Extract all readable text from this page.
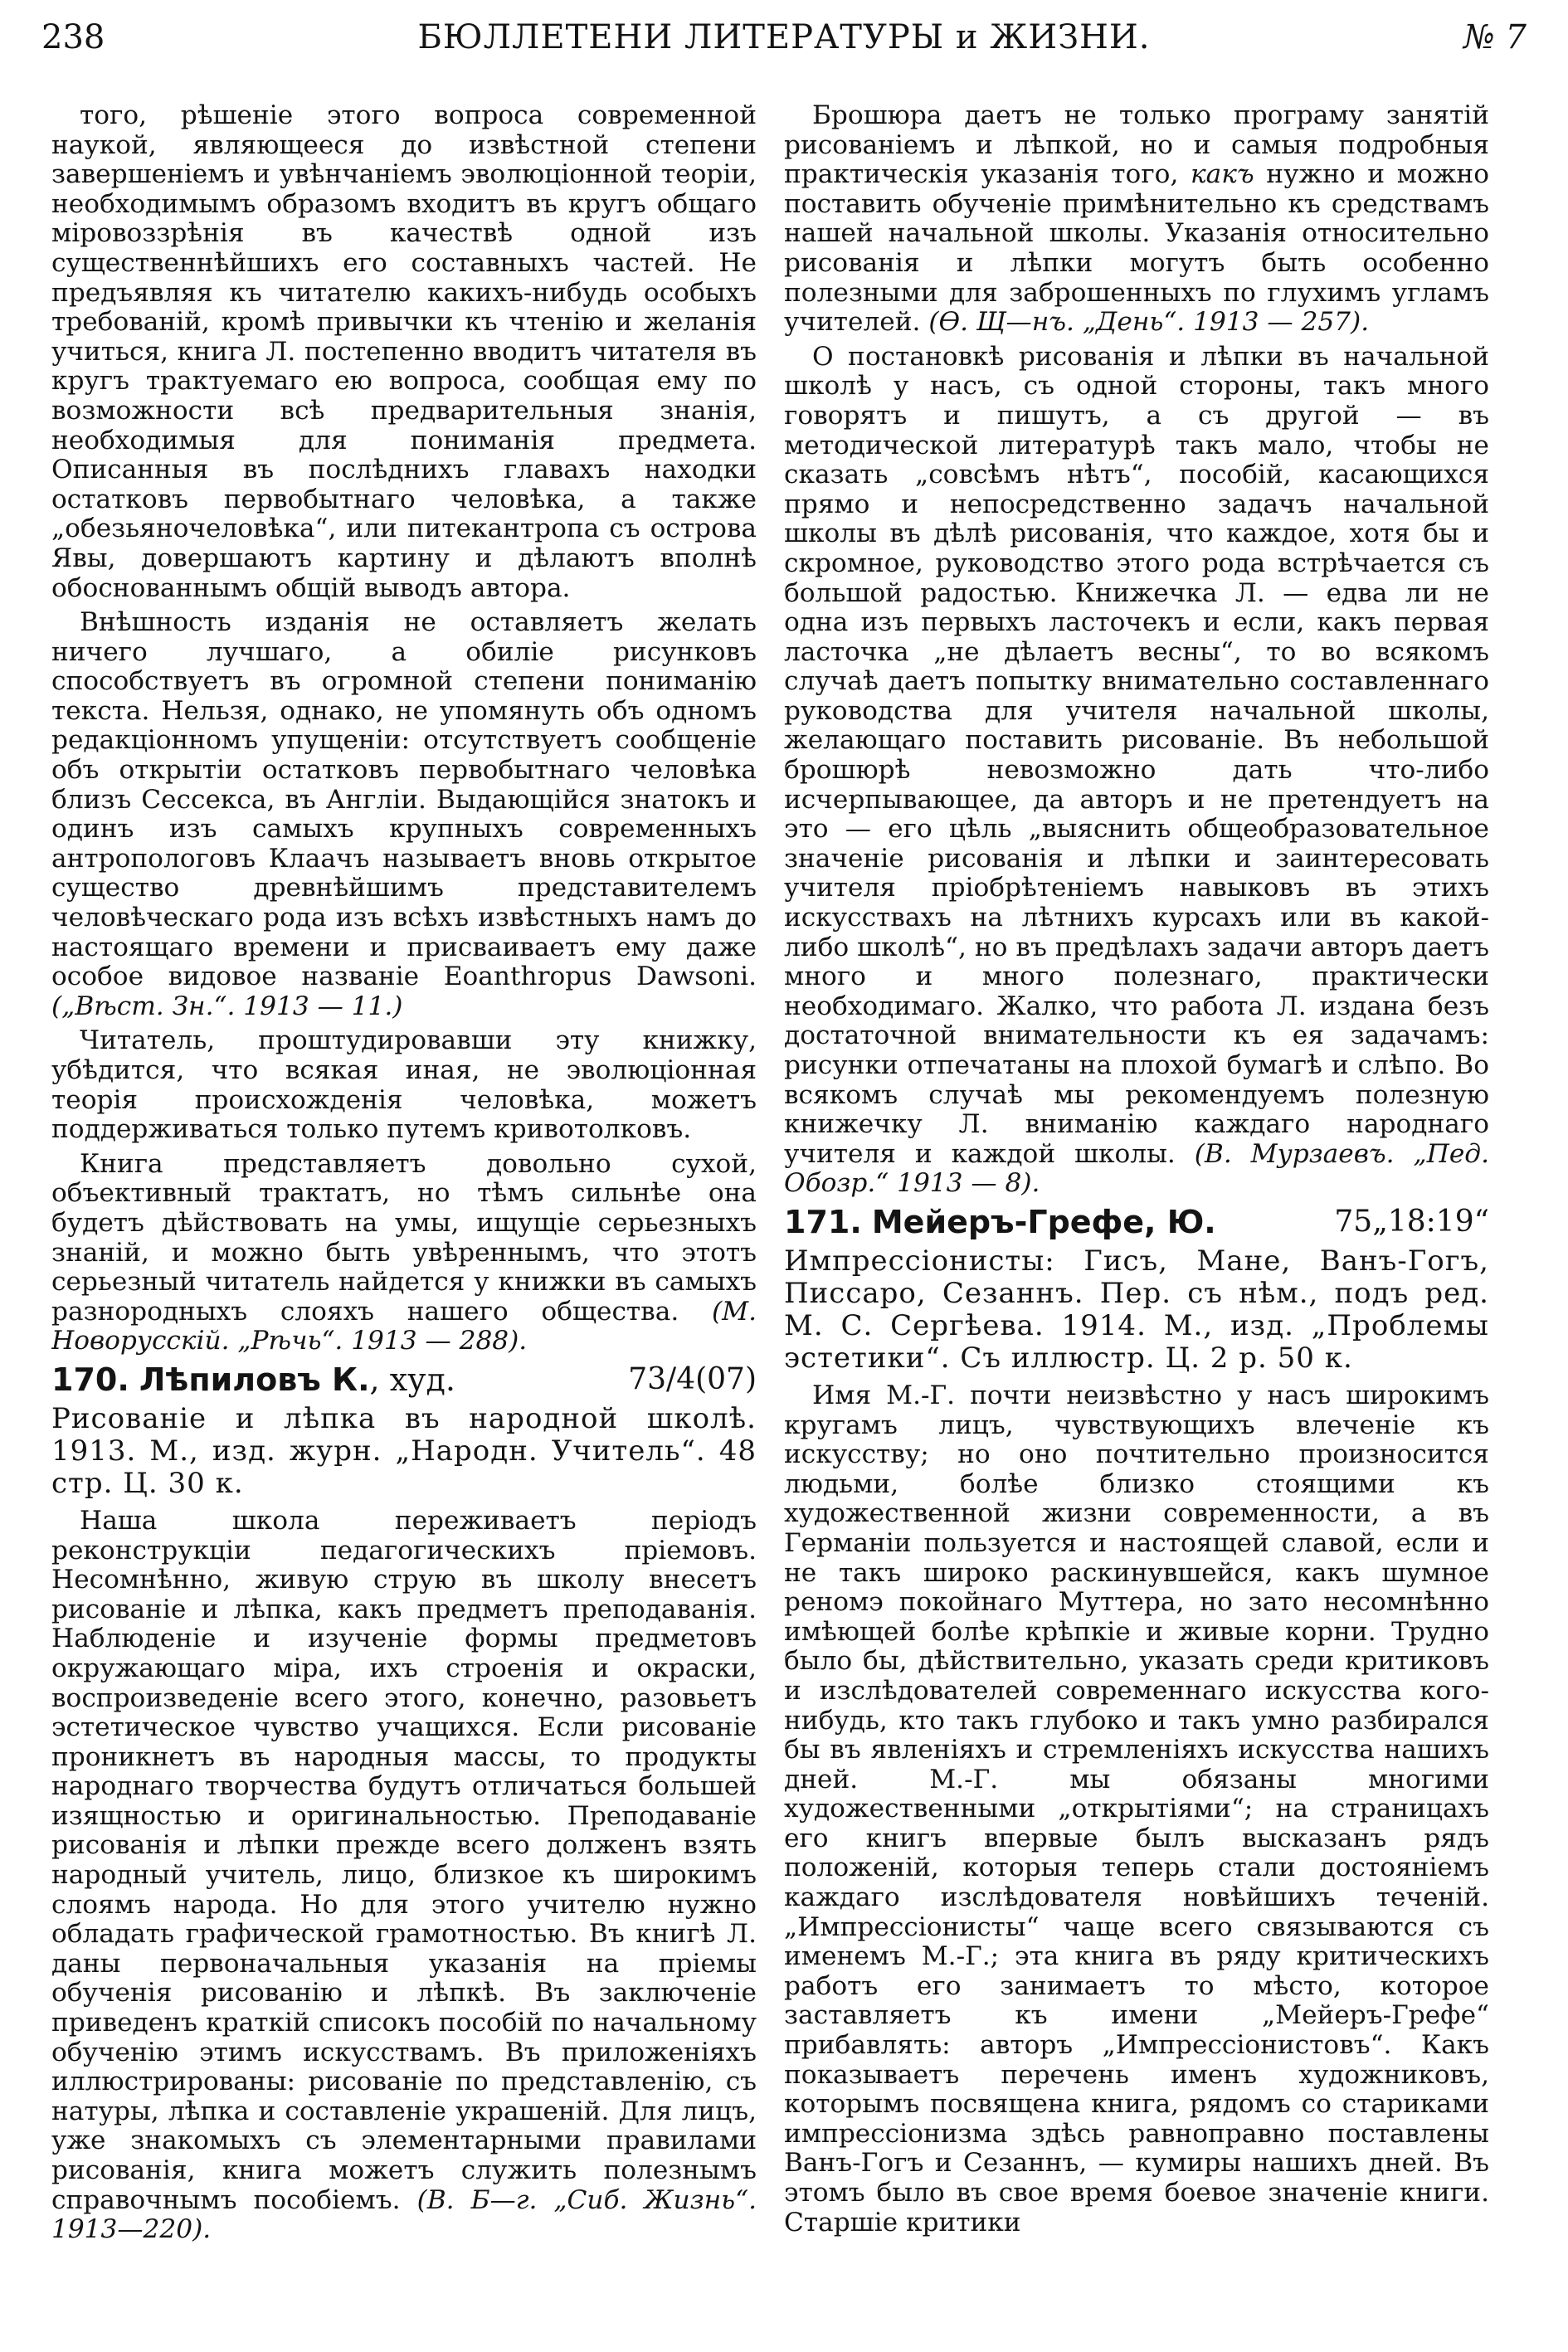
238	БЮЛЛЕТЕНИ ЛИТЕРАТУРЫ и ЖИЗНИ.	№ 7

того, рѣшеніе этого вопроса современной наукой, являющееся до извѣстной степени завершеніемъ и увѣнчаніемъ эволюціонной теоріи, необходимымъ образомъ входитъ въ кругъ общаго міровоззрѣнія въ качествѣ одной изъ существеннѣйшихъ его составныхъ частей. Не предъявляя къ читателю какихъ-нибудь особыхъ требованій, кромѣ привычки къ чтенію и желанія учиться, книга Л. постепенно вводитъ читателя въ кругъ трактуемаго ею вопроса, сообщая ему по возможности всѣ предварительныя знанія, необходимыя для пониманія предмета. Описанныя въ послѣднихъ главахъ находки остатковъ первобытнаго человѣка, а также „обезьяночеловѣка“, или питекантропа съ острова Явы, довершаютъ картину и дѣлаютъ вполнѣ обоснованнымъ общій выводъ автора.

Внѣшность изданія не оставляетъ желать ничего лучшаго, а обиліе рисунковъ способствуетъ въ огромной степени пониманію текста. Нельзя, однако, не упомянуть объ одномъ редакціонномъ упущеніи: отсутствуетъ сообщеніе объ открытіи остатковъ первобытнаго человѣка близъ Сессекса, въ Англіи. Выдающійся знатокъ и одинъ изъ самыхъ крупныхъ современныхъ антропологовъ Клаачъ называетъ вновь открытое существо древнѣйшимъ представителемъ человѣческаго рода изъ всѣхъ извѣстныхъ намъ до настоящаго времени и присваиваетъ ему даже особое видовое названіе Eoanthropus Dawsoni. („Вѣст. Зн.“. 1913 — 11.)

Читатель, проштудировавши эту книжку, убѣдится, что всякая иная, не эволюціонная теорія происхожденія человѣка, можетъ поддерживаться только путемъ кривотолковъ.

Книга представляетъ довольно сухой, объективный трактатъ, но тѣмъ сильнѣе она будетъ дѣйствовать на умы, ищущіе серьезныхъ знаній, и можно быть увѣреннымъ, что этотъ серьезный читатель найдется у книжки въ самыхъ разнородныхъ слояхъ нашего общества. (М. Новорусскій. „Рѣчь“. 1913 — 288).

73/4(07)
170. Лѣпиловъ К., худ.

Рисованіе и лѣпка въ народной школѣ. 1913. М., изд. журн. „Народн. Учитель“. 48 стр. Ц. 30 к.

Наша школа переживаетъ періодъ реконструкціи педагогическихъ пріемовъ. Несомнѣнно, живую струю въ школу внесетъ рисованіе и лѣпка, какъ предметъ преподаванія. Наблюденіе и изученіе формы предметовъ окружающаго міра, ихъ строенія и окраски, воспроизведеніе всего этого, конечно, разовьетъ эстетическое чувство учащихся. Если рисованіе проникнетъ въ народныя массы, то продукты народнаго творчества будутъ отличаться большей изящностью и оригинальностью. Преподаваніе рисованія и лѣпки прежде всего долженъ взять народный учитель, лицо, близкое къ широкимъ слоямъ народа. Но для этого учителю нужно обладать графической грамотностью. Въ книгѣ Л. даны первоначальныя указанія на пріемы обученія рисованію и лѣпкѣ. Въ заключеніе приведенъ краткій списокъ пособій по начальному обученію этимъ искусствамъ. Въ приложеніяхъ иллюстрированы: рисованіе по представленію, съ натуры, лѣпка и составленіе украшеній. Для лицъ, уже знакомыхъ съ элементарными правилами рисованія, книга можетъ служить полезнымъ справочнымъ пособіемъ. (В. Б—г. „Сиб. Жизнь“. 1913—220).

Брошюра даетъ не только програму занятій рисованіемъ и лѣпкой, но и самыя подробныя практическія указанія того, какъ нужно и можно поставить обученіе примѣнительно къ средствамъ нашей начальной школы. Указанія относительно рисованія и лѣпки могутъ быть особенно полезными для заброшенныхъ по глухимъ угламъ учителей. (Ѳ. Щ—нъ. „День“. 1913 — 257).

О постановкѣ рисованія и лѣпки въ начальной школѣ у насъ, съ одной стороны, такъ много говорятъ и пишутъ, а съ другой — въ методической литературѣ такъ мало, чтобы не сказать „совсѣмъ нѣтъ“, пособій, касающихся прямо и непосредственно задачъ начальной школы въ дѣлѣ рисованія, что каждое, хотя бы и скромное, руководство этого рода встрѣчается съ большой радостью. Книжечка Л. — едва ли не одна изъ первыхъ ласточекъ и если, какъ первая ласточка „не дѣлаетъ весны“, то во всякомъ случаѣ даетъ попытку внимательно составленнаго руководства для учителя начальной школы, желающаго поставить рисованіе. Въ небольшой брошюрѣ невозможно дать что-либо исчерпывающее, да авторъ и не претендуетъ на это — его цѣль „выяснить общеобразовательное значеніе рисованія и лѣпки и заинтересовать учителя пріобрѣтеніемъ навыковъ въ этихъ искусствахъ на лѣтнихъ курсахъ или въ какой-либо школѣ“, но въ предѣлахъ задачи авторъ даетъ много и много полезнаго, практически необходимаго. Жалко, что работа Л. издана безъ достаточной внимательности къ ея задачамъ: рисунки отпечатаны на плохой бумагѣ и слѣпо. Во всякомъ случаѣ мы рекомендуемъ полезную книжечку Л. вниманію каждаго народнаго учителя и каждой школы. (В. Мурзаевъ. „Пед. Обозр.“ 1913 — 8).

75„18:19“
171. Мейеръ-Грефе, Ю.

Импрессіонисты: Гисъ, Мане, Ванъ-Гогъ, Писсаро, Сезаннъ. Пер. съ нѣм., подъ ред. М. С. Сергѣева. 1914. М., изд. „Проблемы эстетики“. Съ иллюстр. Ц. 2 р. 50 к.

Имя М.-Г. почти неизвѣстно у насъ широкимъ кругамъ лицъ, чувствующихъ влеченіе къ искусству; но оно почтительно произносится людьми, болѣе близко стоящими къ художественной жизни современности, а въ Германіи пользуется и настоящей славой, если и не такъ широко раскинувшейся, какъ шумное реномэ покойнаго Муттера, но зато несомнѣнно имѣющей болѣе крѣпкіе и живые корни. Трудно было бы, дѣйствительно, указать среди критиковъ и изслѣдователей современнаго искусства кого-нибудь, кто такъ глубоко и такъ умно разбирался бы въ явленіяхъ и стремленіяхъ искусства нашихъ дней. М.-Г. мы обязаны многими художественными „открытіями“; на страницахъ его книгъ впервые былъ высказанъ рядъ положеній, которыя теперь стали достояніемъ каждаго изслѣдователя новѣйшихъ теченій. „Импрессіонисты“ чаще всего связываются съ именемъ М.-Г.; эта книга въ ряду критическихъ работъ его занимаетъ то мѣсто, которое заставляетъ къ имени „Мейеръ-Грефе“ прибавлять: авторъ „Импрессіонистовъ“. Какъ показываетъ перечень именъ художниковъ, которымъ посвящена книга, рядомъ со стариками импрессіонизма здѣсь равноправно поставлены Ванъ-Гогъ и Сезаннъ, — кумиры нашихъ дней. Въ этомъ было въ свое время боевое значеніе книги. Старшіе критики
